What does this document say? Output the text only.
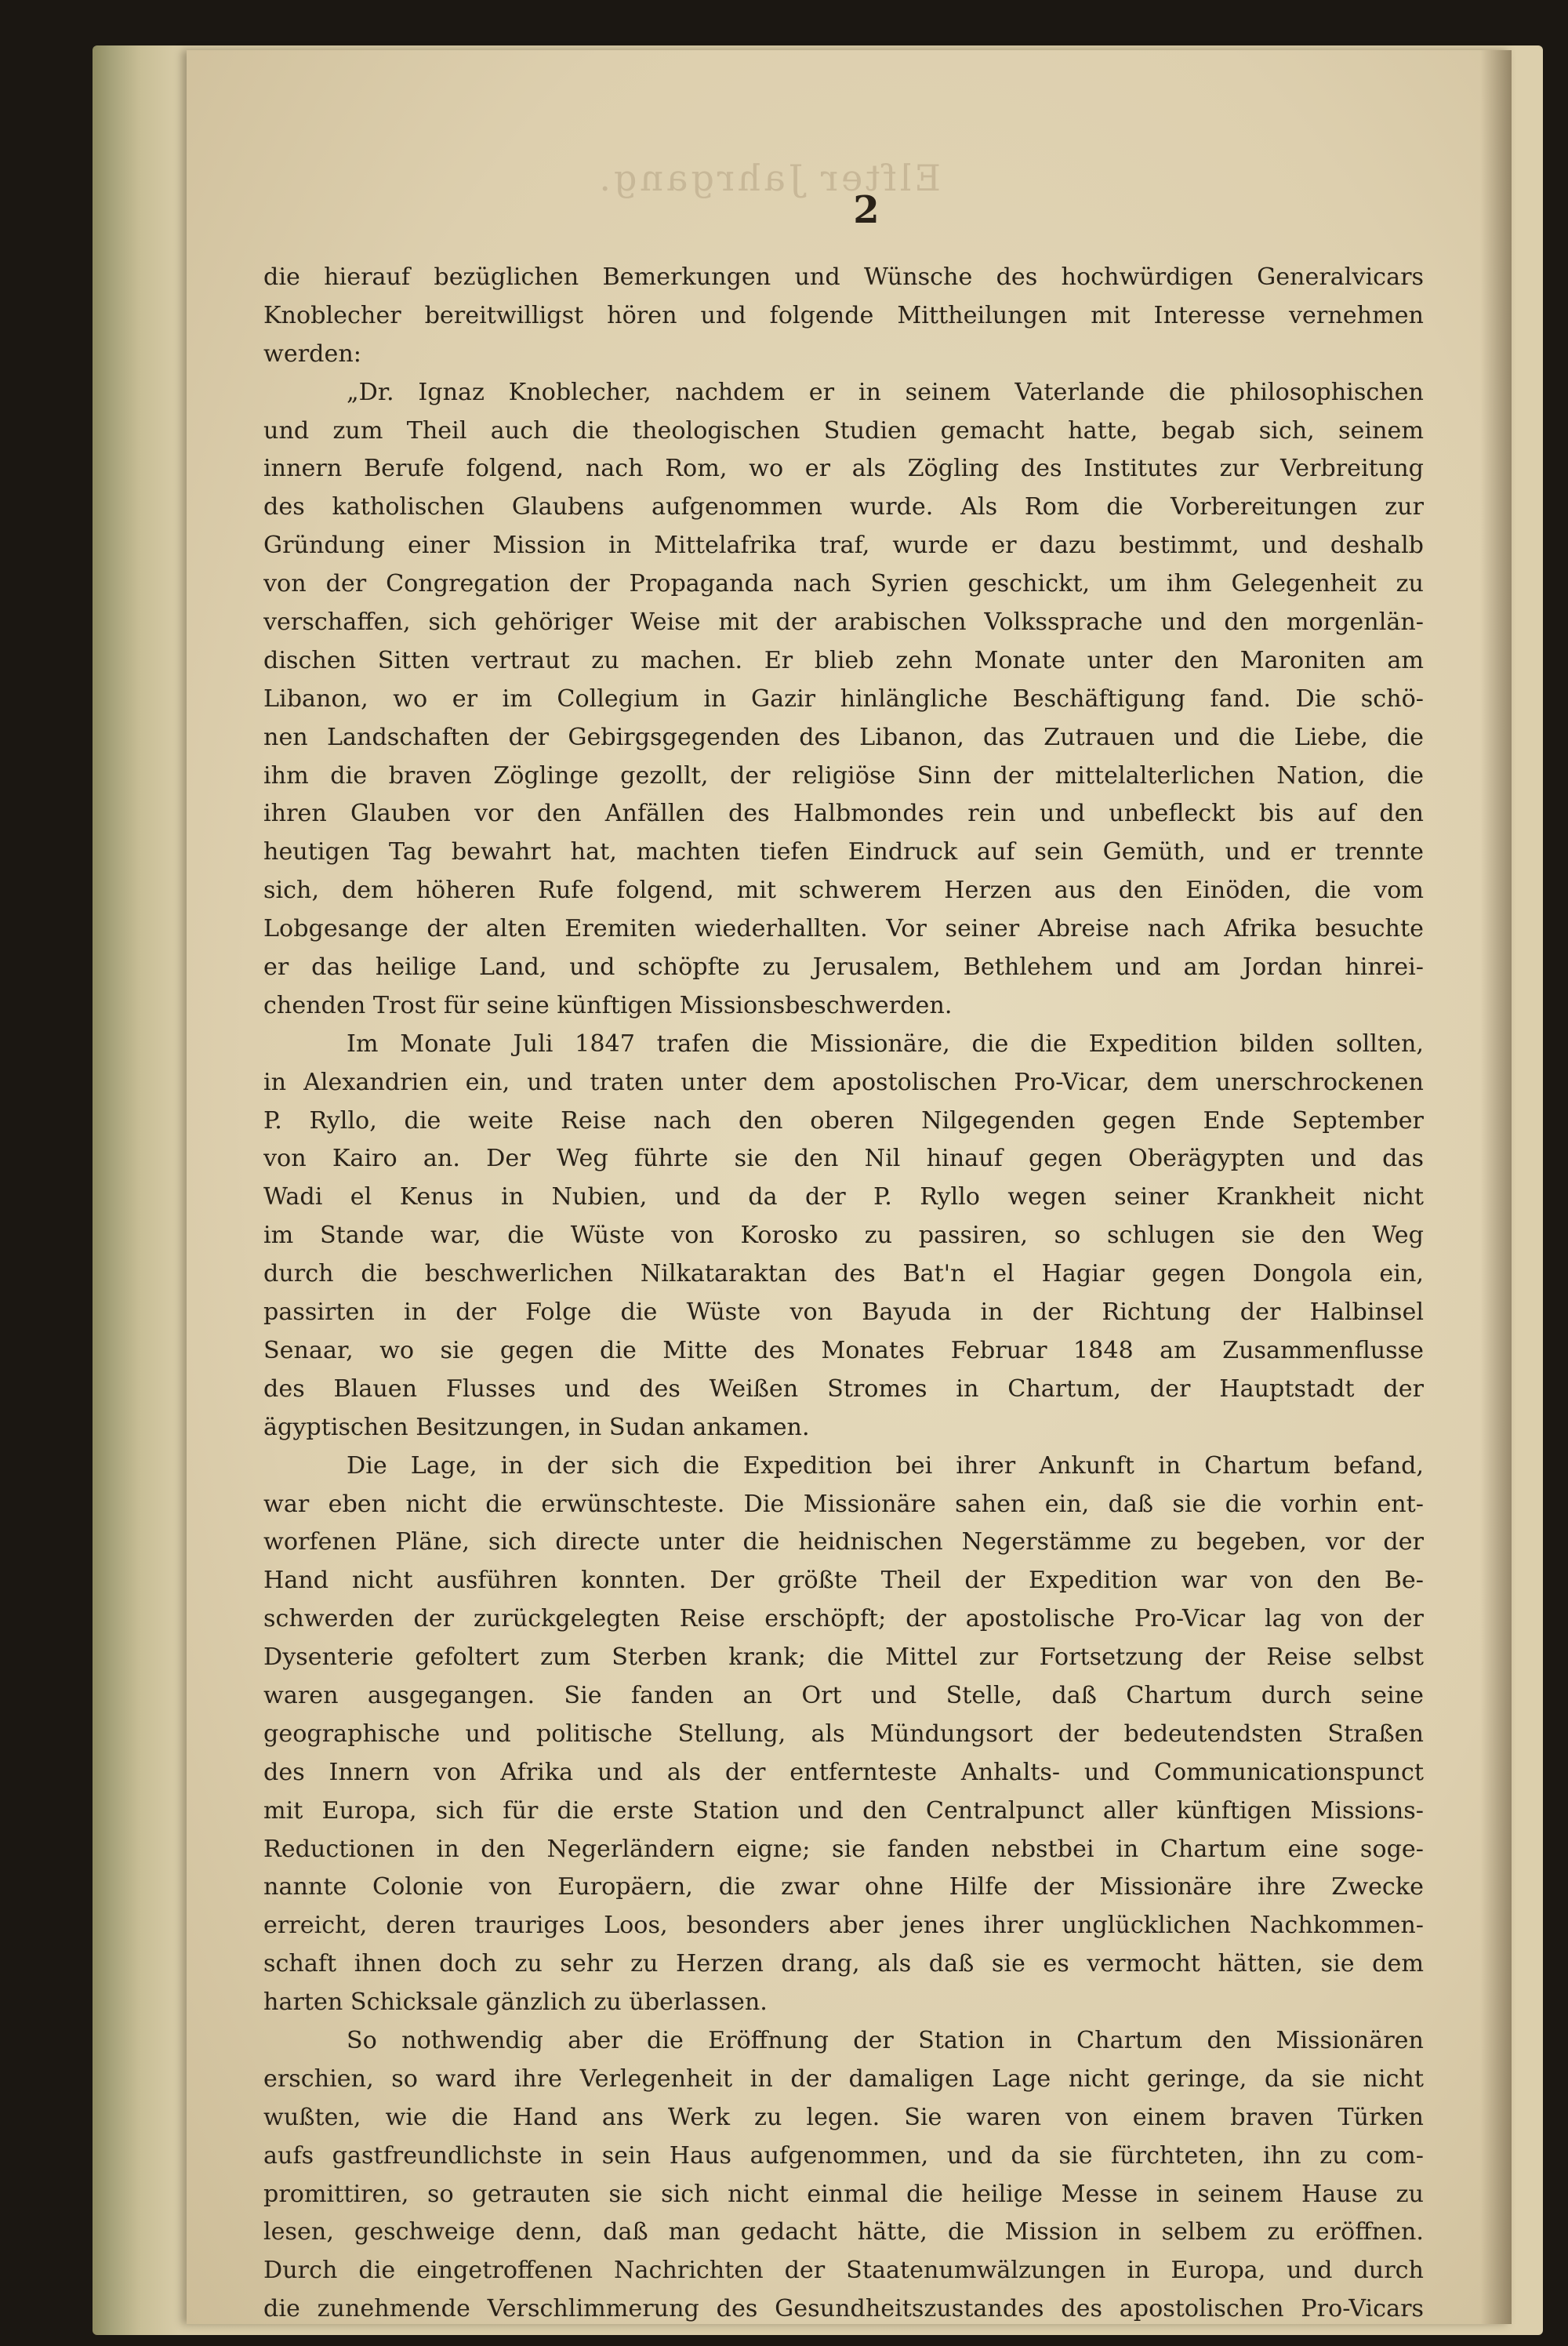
Elfter Jahrgang.
2
die hierauf bezüglichen Bemerkungen und Wünsche des hochwürdigen Generalvicars
Knoblecher bereitwilligst hören und folgende Mittheilungen mit Interesse vernehmen
werden:
„Dr. Ignaz Knoblecher, nachdem er in seinem Vaterlande die philosophischen
und zum Theil auch die theologischen Studien gemacht hatte, begab sich, seinem
innern Berufe folgend, nach Rom, wo er als Zögling des Institutes zur Verbreitung
des katholischen Glaubens aufgenommen wurde. Als Rom die Vorbereitungen zur
Gründung einer Mission in Mittelafrika traf, wurde er dazu bestimmt, und deshalb
von der Congregation der Propaganda nach Syrien geschickt, um ihm Gelegenheit zu
verschaffen, sich gehöriger Weise mit der arabischen Volkssprache und den morgenlän-
dischen Sitten vertraut zu machen. Er blieb zehn Monate unter den Maroniten am
Libanon, wo er im Collegium in Gazir hinlängliche Beschäftigung fand. Die schö-
nen Landschaften der Gebirgsgegenden des Libanon, das Zutrauen und die Liebe, die
ihm die braven Zöglinge gezollt, der religiöse Sinn der mittelalterlichen Nation, die
ihren Glauben vor den Anfällen des Halbmondes rein und unbefleckt bis auf den
heutigen Tag bewahrt hat, machten tiefen Eindruck auf sein Gemüth, und er trennte
sich, dem höheren Rufe folgend, mit schwerem Herzen aus den Einöden, die vom
Lobgesange der alten Eremiten wiederhallten. Vor seiner Abreise nach Afrika besuchte
er das heilige Land, und schöpfte zu Jerusalem, Bethlehem und am Jordan hinrei-
chenden Trost für seine künftigen Missionsbeschwerden.
Im Monate Juli 1847 trafen die Missionäre, die die Expedition bilden sollten,
in Alexandrien ein, und traten unter dem apostolischen Pro-Vicar, dem unerschrockenen
P. Ryllo, die weite Reise nach den oberen Nilgegenden gegen Ende September
von Kairo an. Der Weg führte sie den Nil hinauf gegen Oberägypten und das
Wadi el Kenus in Nubien, und da der P. Ryllo wegen seiner Krankheit nicht
im Stande war, die Wüste von Korosko zu passiren, so schlugen sie den Weg
durch die beschwerlichen Nilkataraktan des Bat'n el Hagiar gegen Dongola ein,
passirten in der Folge die Wüste von Bayuda in der Richtung der Halbinsel
Senaar, wo sie gegen die Mitte des Monates Februar 1848 am Zusammenflusse
des Blauen Flusses und des Weißen Stromes in Chartum, der Hauptstadt der
ägyptischen Besitzungen, in Sudan ankamen.
Die Lage, in der sich die Expedition bei ihrer Ankunft in Chartum befand,
war eben nicht die erwünschteste. Die Missionäre sahen ein, daß sie die vorhin ent-
worfenen Pläne, sich directe unter die heidnischen Negerstämme zu begeben, vor der
Hand nicht ausführen konnten. Der größte Theil der Expedition war von den Be-
schwerden der zurückgelegten Reise erschöpft; der apostolische Pro-Vicar lag von der
Dysenterie gefoltert zum Sterben krank; die Mittel zur Fortsetzung der Reise selbst
waren ausgegangen. Sie fanden an Ort und Stelle, daß Chartum durch seine
geographische und politische Stellung, als Mündungsort der bedeutendsten Straßen
des Innern von Afrika und als der entfernteste Anhalts- und Communicationspunct
mit Europa, sich für die erste Station und den Centralpunct aller künftigen Missions-
Reductionen in den Negerländern eigne; sie fanden nebstbei in Chartum eine soge-
nannte Colonie von Europäern, die zwar ohne Hilfe der Missionäre ihre Zwecke
erreicht, deren trauriges Loos, besonders aber jenes ihrer unglücklichen Nachkommen-
schaft ihnen doch zu sehr zu Herzen drang, als daß sie es vermocht hätten, sie dem
harten Schicksale gänzlich zu überlassen.
So nothwendig aber die Eröffnung der Station in Chartum den Missionären
erschien, so ward ihre Verlegenheit in der damaligen Lage nicht geringe, da sie nicht
wußten, wie die Hand ans Werk zu legen. Sie waren von einem braven Türken
aufs gastfreundlichste in sein Haus aufgenommen, und da sie fürchteten, ihn zu com-
promittiren, so getrauten sie sich nicht einmal die heilige Messe in seinem Hause zu
lesen, geschweige denn, daß man gedacht hätte, die Mission in selbem zu eröffnen.
Durch die eingetroffenen Nachrichten der Staatenumwälzungen in Europa, und durch
die zunehmende Verschlimmerung des Gesundheitszustandes des apostolischen Pro-Vicars
